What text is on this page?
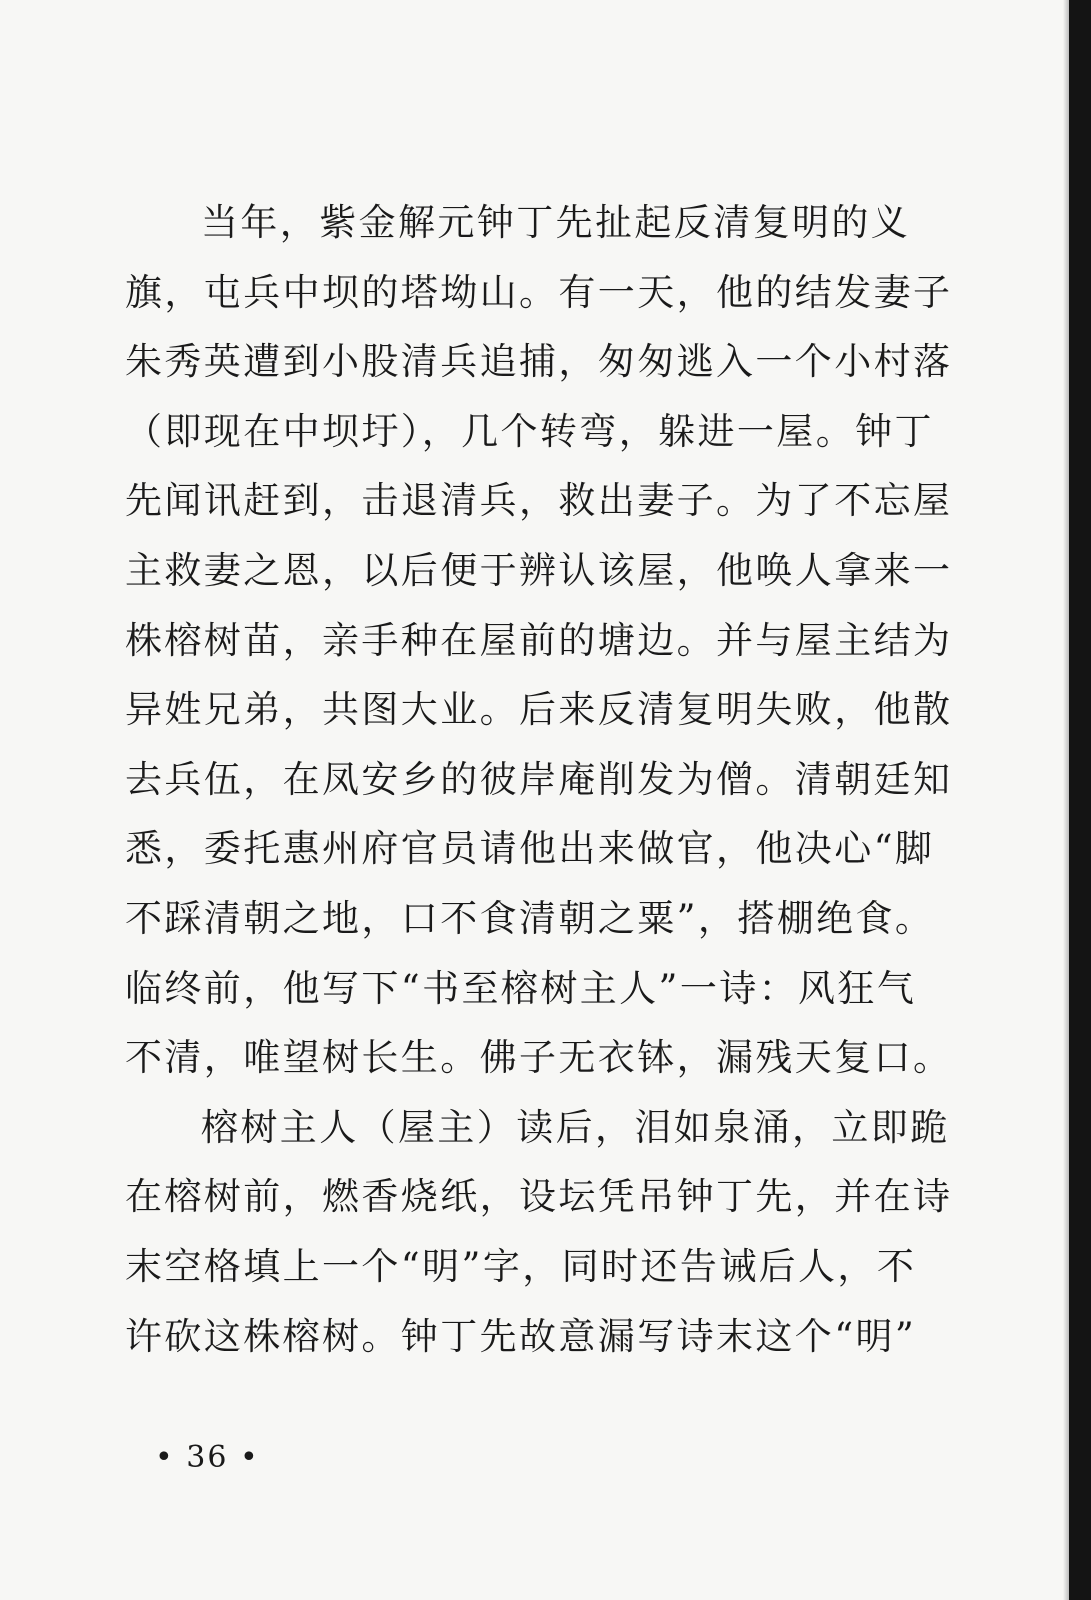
当年，紫金解元钟丁先扯起反清复明的义
旗，屯兵中坝的塔坳山。有一天，他的结发妻子
朱秀英遭到小股清兵追捕，匆匆逃入一个小村落
（即现在中坝圩），几个转弯，躲进一屋。钟丁
先闻讯赶到，击退清兵，救出妻子。为了不忘屋
主救妻之恩，以后便于辨认该屋，他唤人拿来一
株榕树苗，亲手种在屋前的塘边。并与屋主结为
异姓兄弟，共图大业。后来反清复明失败，他散
去兵伍，在凤安乡的彼岸庵削发为僧。清朝廷知
悉，委托惠州府官员请他出来做官，他决心“脚
不踩清朝之地，口不食清朝之粟”，搭棚绝食。
临终前，他写下“书至榕树主人”一诗：风狂气
不清，唯望树长生。佛子无衣钵，漏残天复口。
榕树主人（屋主）读后，泪如泉涌，立即跪
在榕树前，燃香烧纸，设坛凭吊钟丁先，并在诗
末空格填上一个“明”字，同时还告诫后人，不
许砍这株榕树。钟丁先故意漏写诗末这个“明”
• 36 •
